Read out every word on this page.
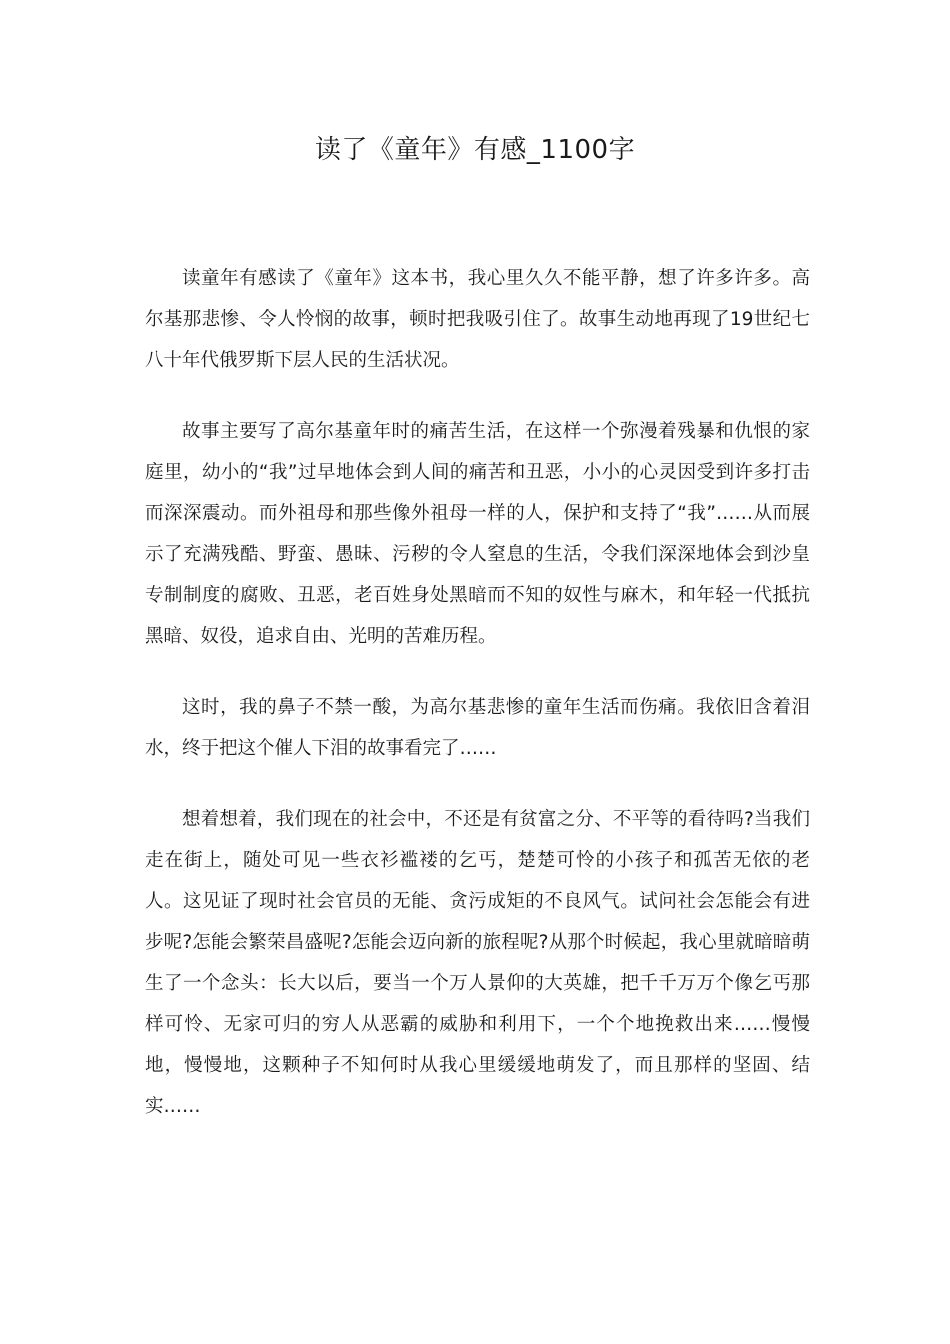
读了《童年》有感_1100字

读童年有感读了《童年》这本书，我心里久久不能平静，想了许多许多。高尔基那悲惨、令人怜悯的故事，顿时把我吸引住了。故事生动地再现了19世纪七八十年代俄罗斯下层人民的生活状况。

故事主要写了高尔基童年时的痛苦生活，在这样一个弥漫着残暴和仇恨的家庭里，幼小的“我”过早地体会到人间的痛苦和丑恶，小小的心灵因受到许多打击而深深震动。而外祖母和那些像外祖母一样的人，保护和支持了“我”……从而展示了充满残酷、野蛮、愚昧、污秽的令人窒息的生活，令我们深深地体会到沙皇专制制度的腐败、丑恶，老百姓身处黑暗而不知的奴性与麻木，和年轻一代抵抗黑暗、奴役，追求自由、光明的苦难历程。

这时，我的鼻子不禁一酸，为高尔基悲惨的童年生活而伤痛。我依旧含着泪水，终于把这个催人下泪的故事看完了……

想着想着，我们现在的社会中，不还是有贫富之分、不平等的看待吗?当我们走在街上，随处可见一些衣衫褴褛的乞丐，楚楚可怜的小孩子和孤苦无依的老人。这见证了现时社会官员的无能、贪污成矩的不良风气。试问社会怎能会有进步呢?怎能会繁荣昌盛呢?怎能会迈向新的旅程呢?从那个时候起，我心里就暗暗萌生了一个念头：长大以后，要当一个万人景仰的大英雄，把千千万万个像乞丐那样可怜、无家可归的穷人从恶霸的威胁和利用下，一个个地挽救出来……慢慢地，慢慢地，这颗种子不知何时从我心里缓缓地萌发了，而且那样的坚固、结实……
